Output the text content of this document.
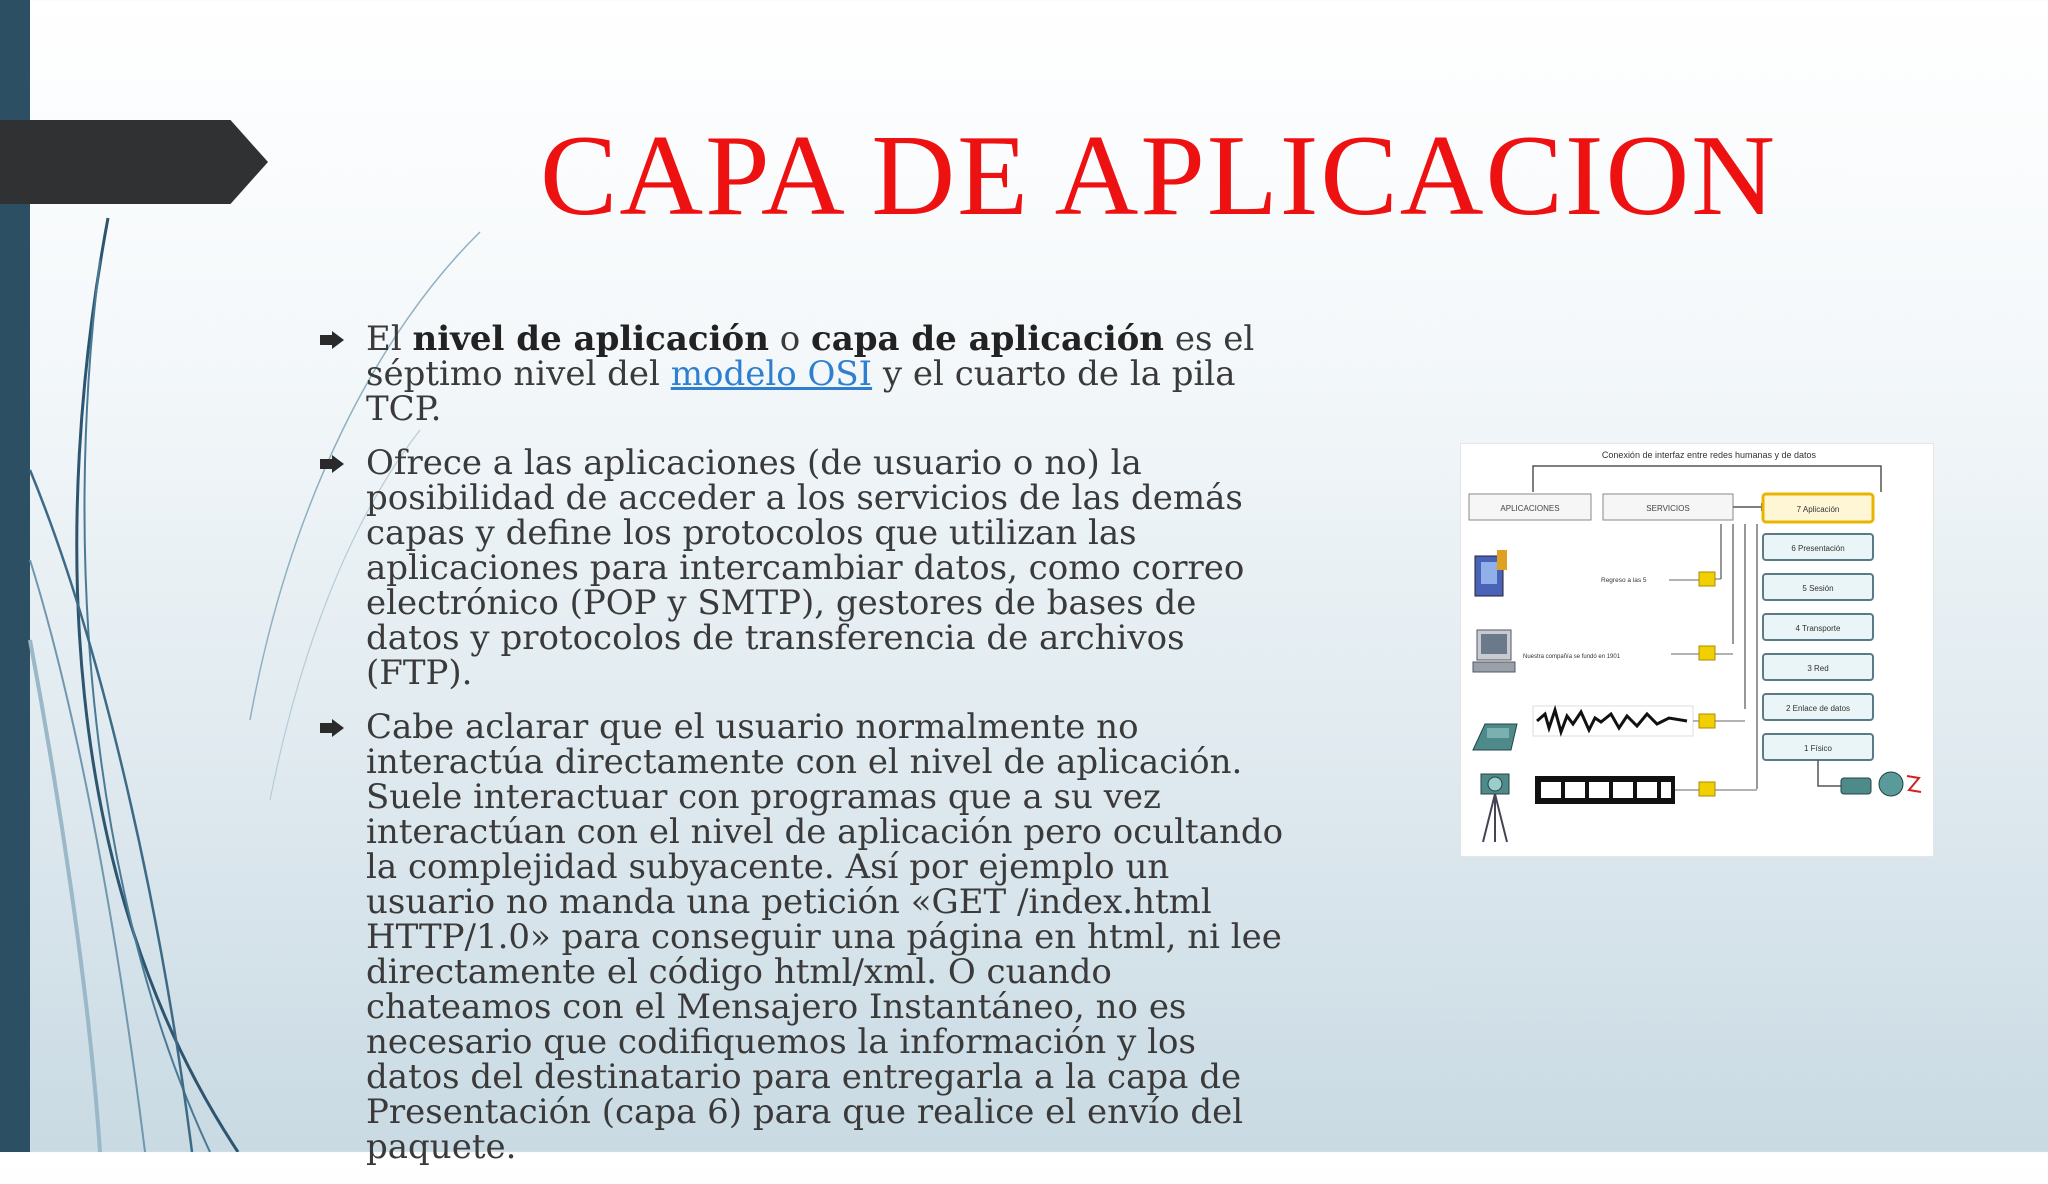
CAPA DE APLICACION
El nivel de aplicación o capa de aplicación es el séptimo nivel del modelo OSI y el cuarto de la pila TCP.
Ofrece a las aplicaciones (de usuario o no) la posibilidad de acceder a los servicios de las demás capas y define los protocolos que utilizan las aplicaciones para intercambiar datos, como correo electrónico (POP y SMTP), gestores de bases de datos y protocolos de transferencia de archivos (FTP).
Cabe aclarar que el usuario normalmente no interactúa directamente con el nivel de aplicación. Suele interactuar con programas que a su vez interactúan con el nivel de aplicación pero ocultando la complejidad subyacente. Así por ejemplo un usuario no manda una petición «GET /index.html HTTP/1.0» para conseguir una página en html, ni lee directamente el código html/xml. O cuando chateamos con el Mensajero Instantáneo, no es necesario que codifiquemos la información y los datos del destinatario para entregarla a la capa de Presentación (capa 6) para que realice el envío del paquete.
Conexión de interfaz entre redes humanas y de datos
APLICACIONES	SERVICIOS	7 Aplicación
6 Presentación
5 Sesión
4 Transporte
3 Red
2 Enlace de datos
1 Físico
Regreso a las 5
Nuestra compañía se fundó en 1901
